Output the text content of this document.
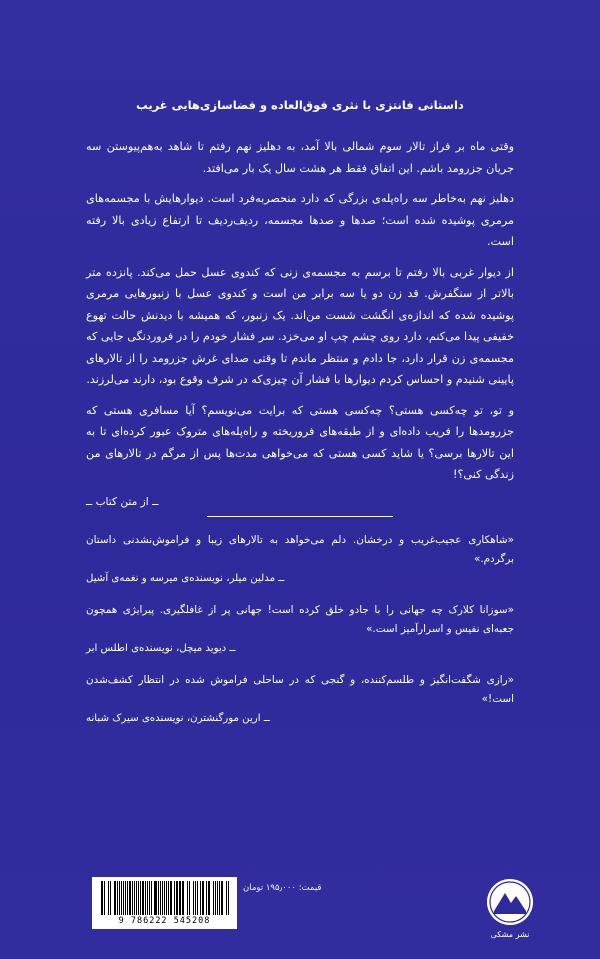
داستانی فانتزی با نثری فوق‌العاده و فضاسازی‌هایی غریب

وقتی ماه بر فراز تالار سوم شمالی بالا آمد، به دهلیز نهم رفتم تا شاهد به‌هم‌پیوستن سه جریان جزرومد باشم. این اتفاق فقط هر هشت سال یک بار می‌افتد.

دهلیز نهم به‌خاطر سه راه‌پله‌ی بزرگی که دارد منحصربه‌فرد است. دیوارهایش با مجسمه‌های مرمری پوشیده شده است؛ صدها و صدها مجسمه، ردیف‌ردیف تا ارتفاع زیادی بالا رفته است.

از دیوار غربی بالا رفتم تا برسم به مجسمه‌ی زنی که کندوی عسل حمل می‌کند. پانزده متر بالاتر از سنگفرش. قد زن دو یا سه برابر من است و کندوی عسل با زنبورهایی مرمری پوشیده شده که اندازه‌ی انگشت شست من‌اند. یک زنبور، که همیشه با دیدنش حالت تهوع خفیفی پیدا می‌کنم، دارد روی چشم چپ او می‌خزد. سر فشار خودم را در فروردنگی جایی که مجسمه‌ی زن قرار دارد، جا دادم و منتظر ماندم تا وقتی صدای غرش جزرومد را از تالارهای پایینی شنیدم و احساس کردم دیوارها با فشار آن چیزی‌که در شرف وقوع بود، دارند می‌لرزند.

و تو، تو چه‌کسی هستی؟ چه‌کسی هستی که برایت می‌نویسم؟ آیا مسافری هستی که جزرومدها را فریب داده‌ای و از طبقه‌های فروریخته و راه‌پله‌های متروک عبور کرده‌ای تا به این تالارها برسی؟ یا شاید کسی هستی که می‌خواهی مدت‌ها پس از مرگم در تالارهای من زندگی کنی؟!

ــ از متن کتاب ــ

«شاهکاری عجیب‌غریب و درخشان. دلم می‌خواهد به تالارهای زیبا و فراموش‌نشدنی داستان برگردم.»

ــ مدلین میلر، نویسنده‌ی میرسه و نغمه‌ی آشیل

«سوزانا کلارک چه جهانی را با جادو خلق کرده است! جهانی پر از غافلگیری. پیرایژی همچون جعبه‌ای نفیس و اسرارآمیز است.»

ــ دیوید میچل، نویسنده‌ی اطلس ابر

«رازی شگفت‌انگیز و طلسم‌کننده، و گنجی که در ساحلی فراموش شده در انتظار کشف‌شدن است!»

ــ ارین مورگنشترن، نویسنده‌ی سیرک شبانه
قیمت: ۱۹۵٫۰۰۰ تومان
9 786222 545208
نشر مشکی
